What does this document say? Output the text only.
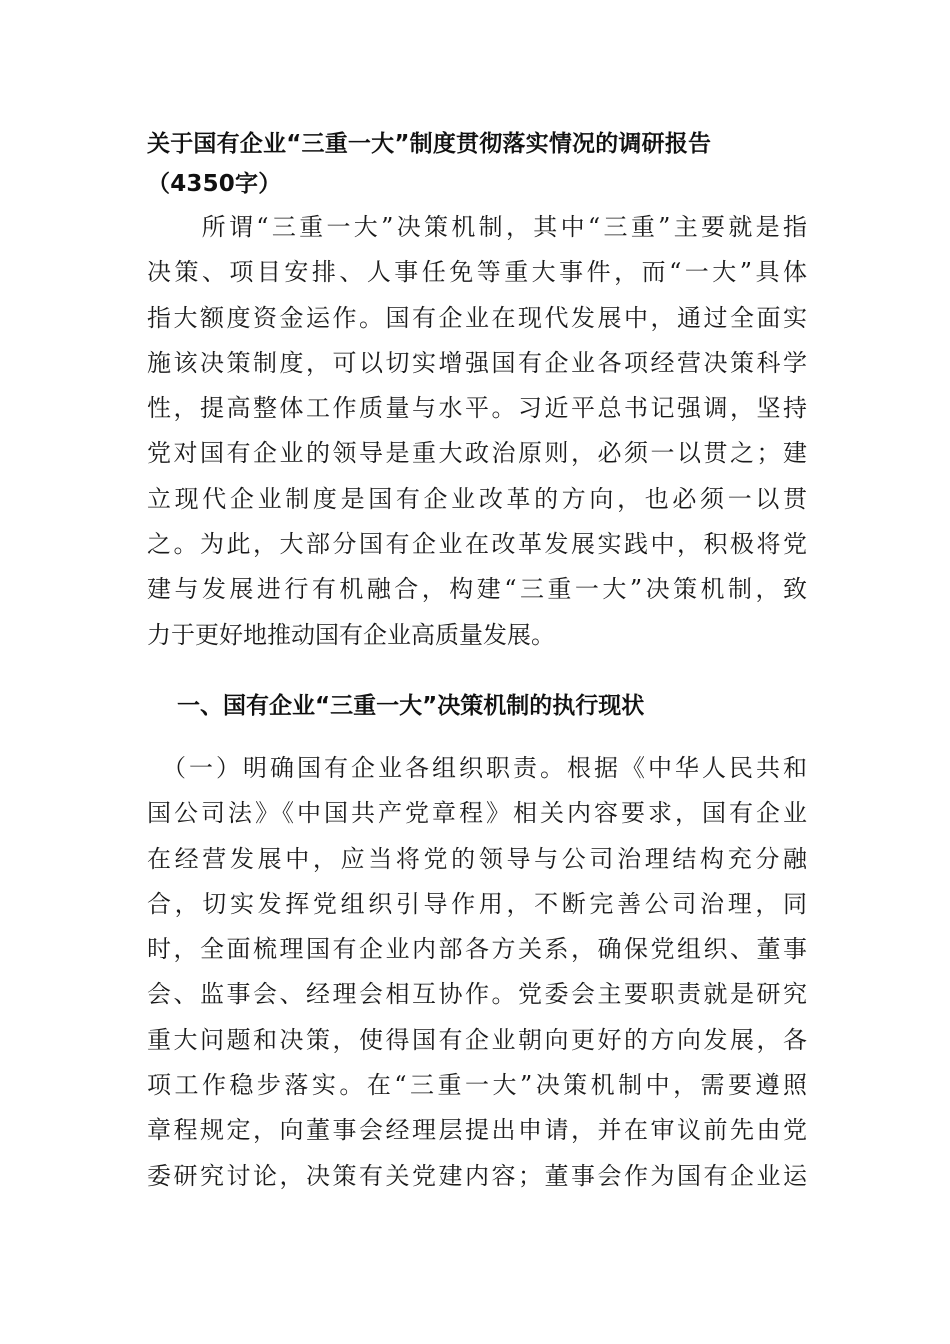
关于国有企业“三重一大”制度贯彻落实情况的调研报告
（4350字）
　　所谓“三重一大”决策机制，其中“三重”主要就是指
决策、项目安排、人事任免等重大事件，而“一大”具体
指大额度资金运作。国有企业在现代发展中，通过全面实
施该决策制度，可以切实增强国有企业各项经营决策科学
性，提高整体工作质量与水平。习近平总书记强调，坚持
党对国有企业的领导是重大政治原则，必须一以贯之；建
立现代企业制度是国有企业改革的方向，也必须一以贯
之。为此，大部分国有企业在改革发展实践中，积极将党
建与发展进行有机融合，构建“三重一大”决策机制，致
力于更好地推动国有企业高质量发展。
一、国有企业“三重一大”决策机制的执行现状
　（一）明确国有企业各组织职责。根据《中华人民共和
国公司法》《中国共产党章程》相关内容要求，国有企业
在经营发展中，应当将党的领导与公司治理结构充分融
合，切实发挥党组织引导作用，不断完善公司治理，同
时，全面梳理国有企业内部各方关系，确保党组织、董事
会、监事会、经理会相互协作。党委会主要职责就是研究
重大问题和决策，使得国有企业朝向更好的方向发展，各
项工作稳步落实。在“三重一大”决策机制中，需要遵照
章程规定，向董事会经理层提出申请，并在审议前先由党
委研究讨论，决策有关党建内容；董事会作为国有企业运
